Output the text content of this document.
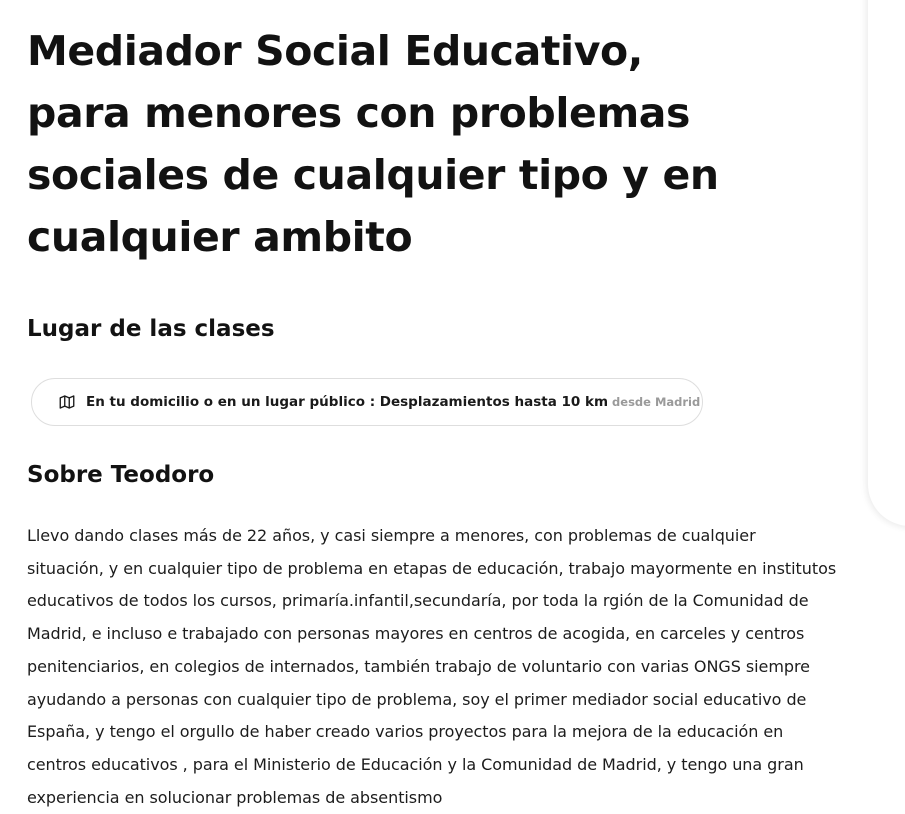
Mediador Social Educativo, para menores con problemas sociales de cualquier tipo y en cualquier ambito
Lugar de las clases
En tu domicilio o en un lugar público : Desplazamientos hasta 10 km desde Madrid
Sobre Teodoro

Llevo dando clases más de 22 años, y casi siempre a menores, con problemas de cualquier situación, y en cualquier tipo de problema en etapas de educación, trabajo mayormente en institutos educativos de todos los cursos, primaría.infantil,secundaría, por toda la rgión de la Comunidad de Madrid, e incluso e trabajado con personas mayores en centros de acogida, en carceles y centros penitenciarios, en colegios de internados, también trabajo de voluntario con varias ONGS siempre ayudando a personas con cualquier tipo de problema, soy el primer mediador social educativo de España, y tengo el orgullo de haber creado varios proyectos para la mejora de la educación en centros educativos , para el Ministerio de Educación y la Comunidad de Madrid, y tengo una gran experiencia en solucionar problemas de absentismo
